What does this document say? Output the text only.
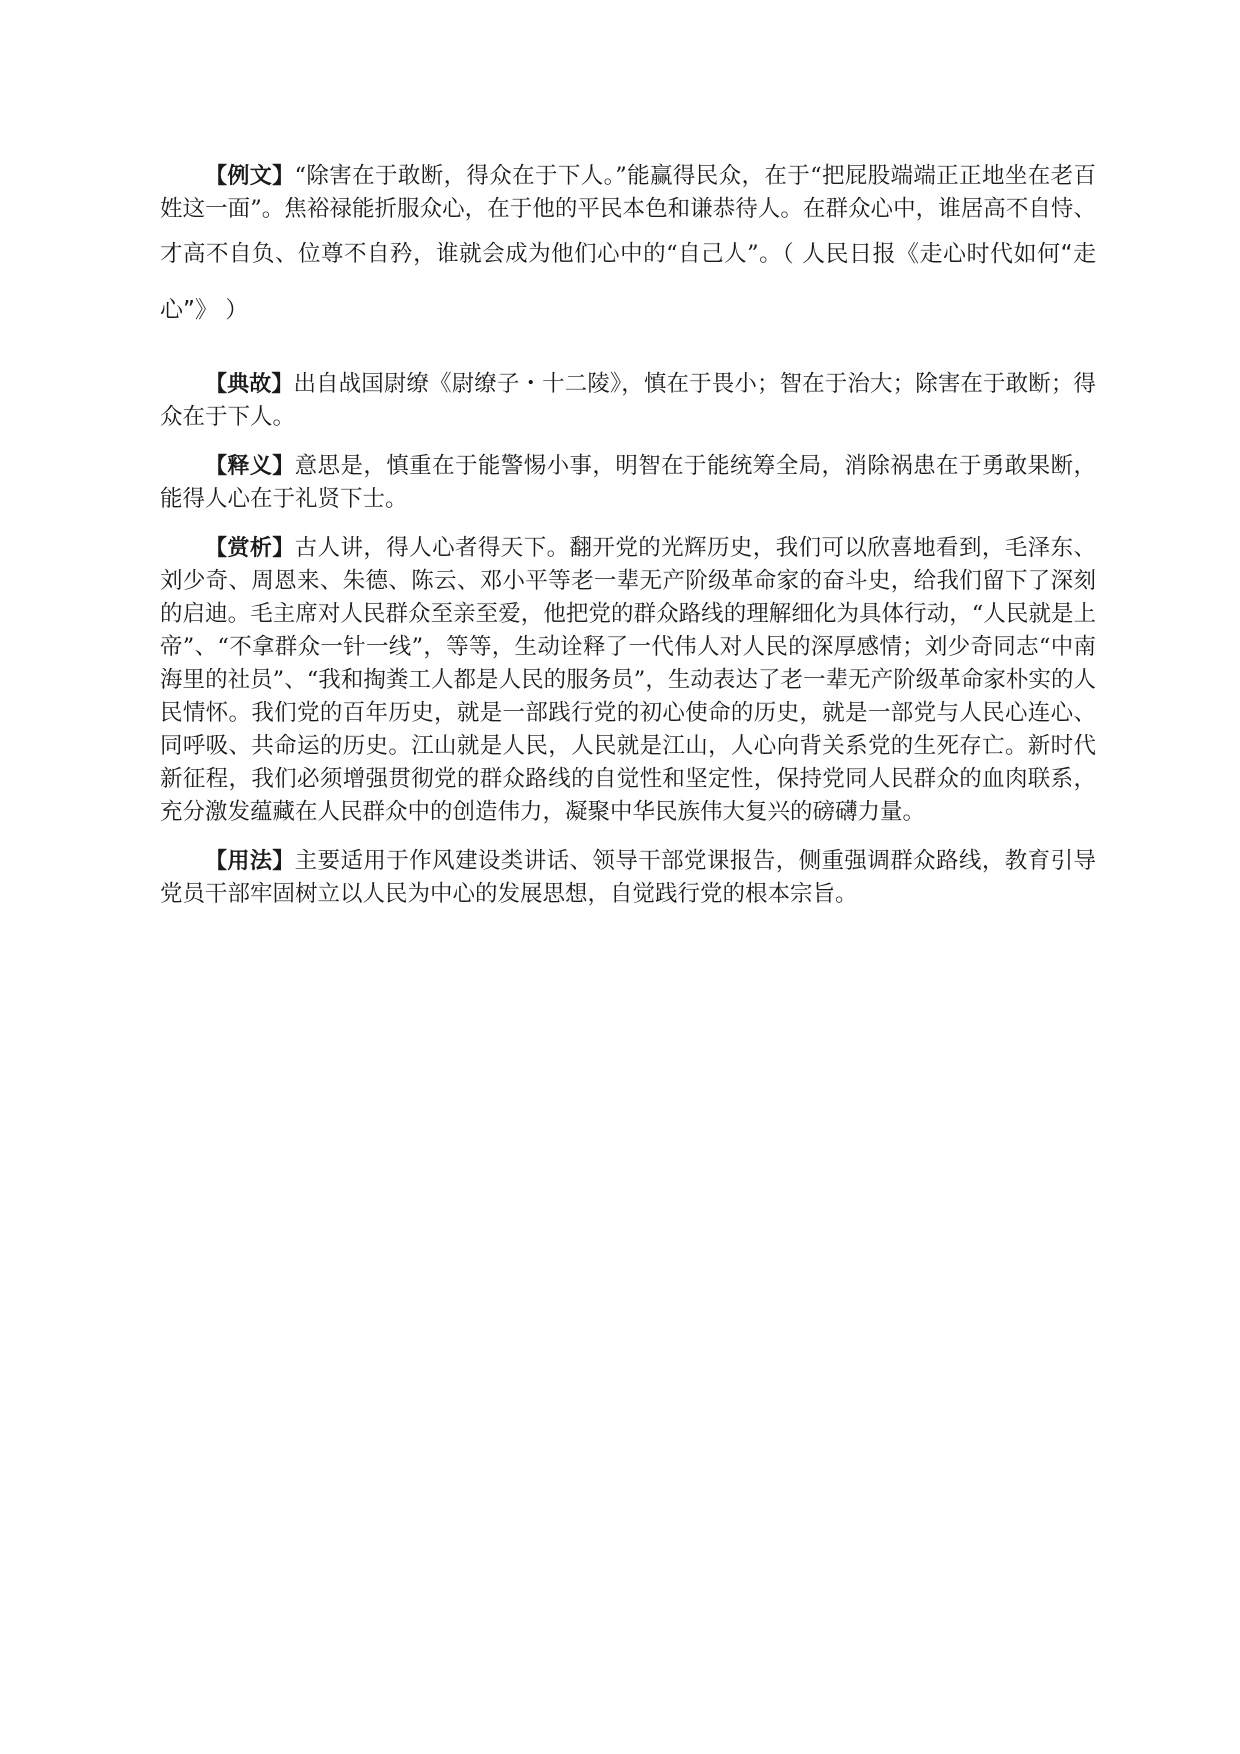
【例文】“除害在于敢断，得众在于下人。”能赢得民众，在于“把屁股端端正正地坐在老百姓这一面”。焦裕禄能折服众心，在于他的平民本色和谦恭待人。在群众心中，谁居高不自恃、才高不自负、位尊不自矜，谁就会成为他们心中的“自己人”。（ 人民日报《走心时代如何“走心”》 ）

【典故】出自战国尉缭《尉缭子・十二陵》，慎在于畏小；智在于治大；除害在于敢断；得众在于下人。

【释义】意思是，慎重在于能警惕小事，明智在于能统筹全局，消除祸患在于勇敢果断，能得人心在于礼贤下士。

【赏析】古人讲，得人心者得天下。翻开党的光辉历史，我们可以欣喜地看到，毛泽东、刘少奇、周恩来、朱德、陈云、邓小平等老一辈无产阶级革命家的奋斗史，给我们留下了深刻的启迪。毛主席对人民群众至亲至爱，他把党的群众路线的理解细化为具体行动，“人民就是上帝”、“不拿群众一针一线”，等等，生动诠释了一代伟人对人民的深厚感情；刘少奇同志“中南海里的社员”、“我和掏粪工人都是人民的服务员”，生动表达了老一辈无产阶级革命家朴实的人民情怀。我们党的百年历史，就是一部践行党的初心使命的历史，就是一部党与人民心连心、同呼吸、共命运的历史。江山就是人民，人民就是江山，人心向背关系党的生死存亡。新时代新征程，我们必须增强贯彻党的群众路线的自觉性和坚定性，保持党同人民群众的血肉联系，充分激发蕴藏在人民群众中的创造伟力，凝聚中华民族伟大复兴的磅礴力量。

【用法】主要适用于作风建设类讲话、领导干部党课报告，侧重强调群众路线，教育引导党员干部牢固树立以人民为中心的发展思想，自觉践行党的根本宗旨。
